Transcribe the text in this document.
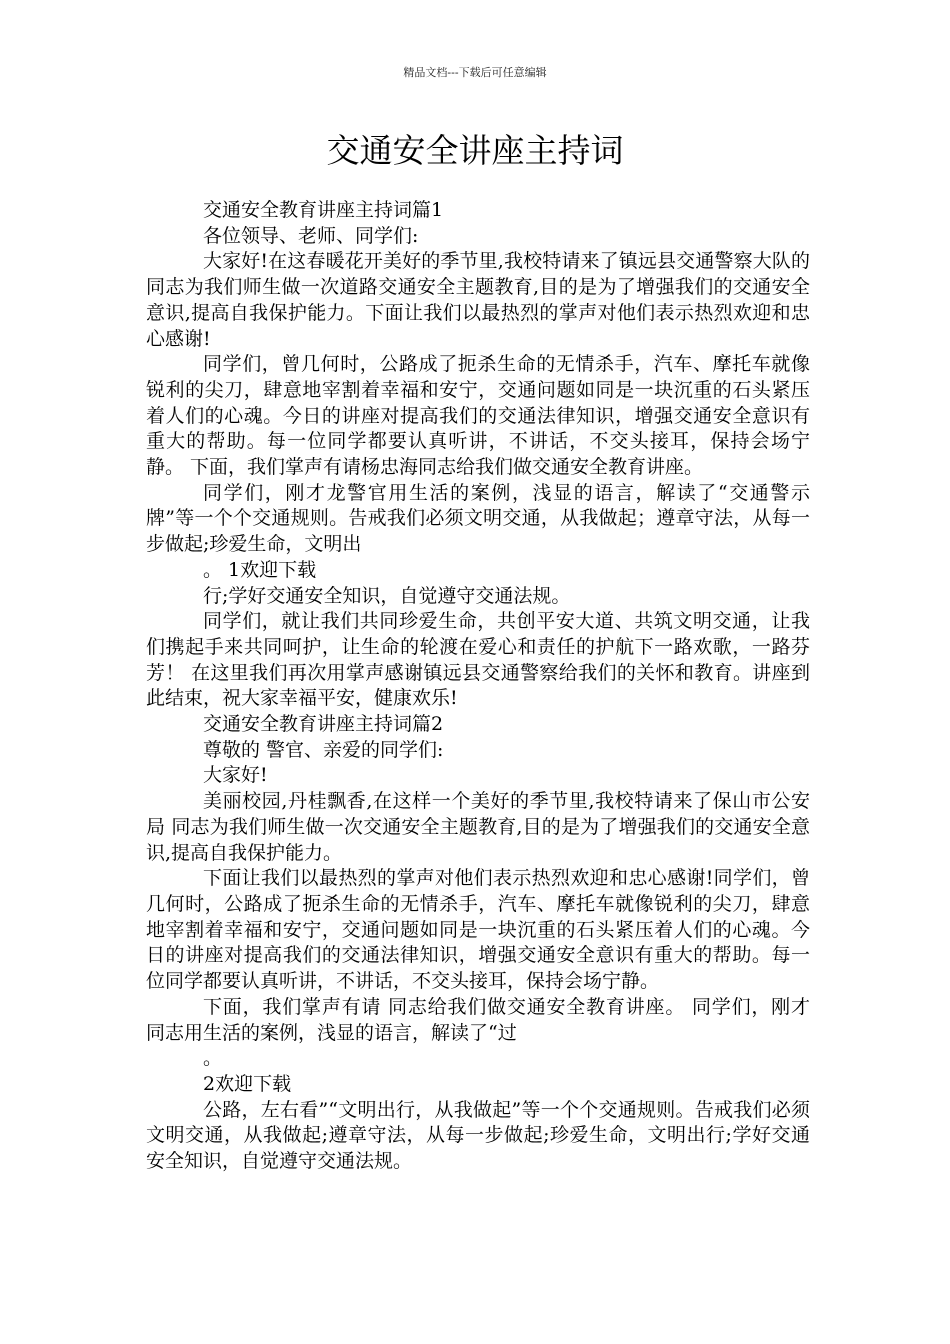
精品文档---下载后可任意编辑
交通安全讲座主持词

交通安全教育讲座主持词篇1

各位领导、老师、同学们:

大家好!在这春暖花开美好的季节里,我校特请来了镇远县交通警察大队的同志为我们师生做一次道路交通安全主题教育,目的是为了增强我们的交通安全意识,提高自我保护能力。下面让我们以最热烈的掌声对他们表示热烈欢迎和忠心感谢!

同学们，曾几何时，公路成了扼杀生命的无情杀手，汽车、摩托车就像锐利的尖刀，肆意地宰割着幸福和安宁，交通问题如同是一块沉重的石头紧压着人们的心魂。今日的讲座对提高我们的交通法律知识，增强交通安全意识有重大的帮助。每一位同学都要认真听讲，不讲话，不交头接耳，保持会场宁静。 下面，我们掌声有请杨忠海同志给我们做交通安全教育讲座。

同学们，刚才龙警官用生活的案例，浅显的语言，解读了“交通警示牌”等一个个交通规则。告戒我们必须文明交通，从我做起；遵章守法，从每一步做起;珍爱生命，文明出

。 1欢迎下载

行;学好交通安全知识，自觉遵守交通法规。

同学们，就让我们共同珍爱生命，共创平安大道、共筑文明交通，让我们携起手来共同呵护，让生命的轮渡在爱心和责任的护航下一路欢歌，一路芬芳！ 在这里我们再次用掌声感谢镇远县交通警察给我们的关怀和教育。讲座到此结束，祝大家幸福平安，健康欢乐!

交通安全教育讲座主持词篇2

尊敬的 警官、亲爱的同学们:

大家好!

美丽校园,丹桂飘香,在这样一个美好的季节里,我校特请来了保山市公安局 同志为我们师生做一次交通安全主题教育,目的是为了增强我们的交通安全意识,提高自我保护能力。

下面让我们以最热烈的掌声对他们表示热烈欢迎和忠心感谢!同学们，曾几何时，公路成了扼杀生命的无情杀手，汽车、摩托车就像锐利的尖刀，肆意地宰割着幸福和安宁，交通问题如同是一块沉重的石头紧压着人们的心魂。今日的讲座对提高我们的交通法律知识，增强交通安全意识有重大的帮助。每一位同学都要认真听讲，不讲话，不交头接耳，保持会场宁静。

下面，我们掌声有请 同志给我们做交通安全教育讲座。 同学们，刚才 同志用生活的案例，浅显的语言，解读了“过

。

2欢迎下载

公路，左右看”“文明出行，从我做起”等一个个交通规则。告戒我们必须文明交通，从我做起;遵章守法，从每一步做起;珍爱生命，文明出行;学好交通安全知识，自觉遵守交通法规。
